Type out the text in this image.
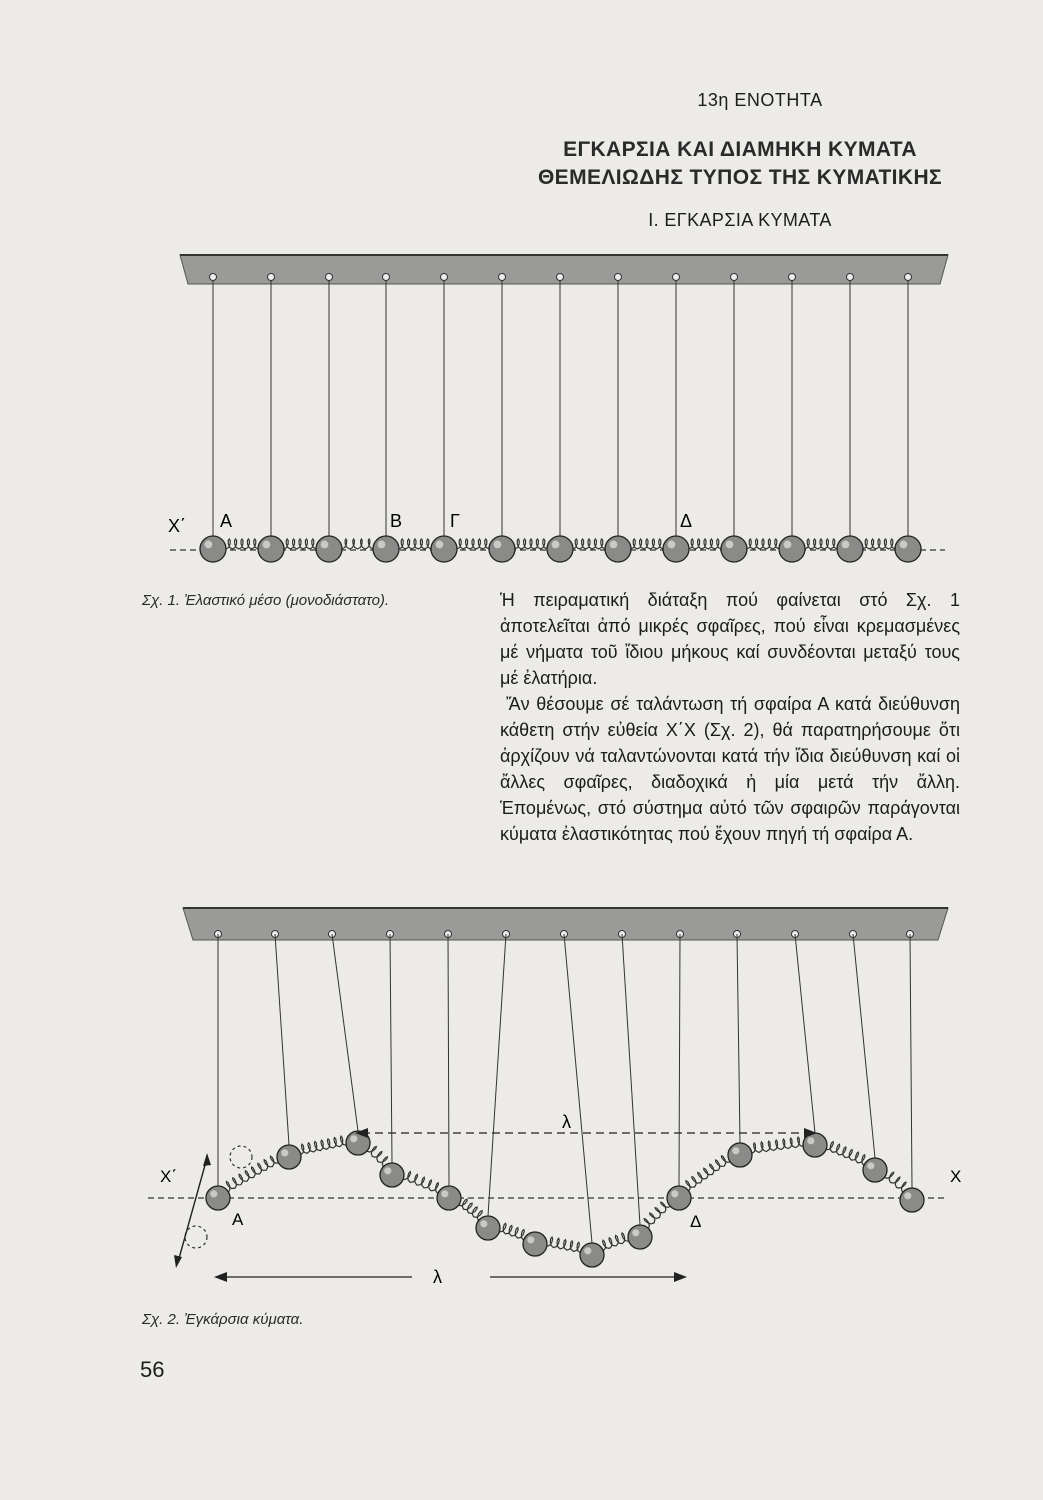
13η ΕΝΟΤΗΤΑ
ΕΓΚΑΡΣΙΑ ΚΑΙ ΔΙΑΜΗΚΗ ΚΥΜΑΤΑ
ΘΕΜΕΛΙΩΔΗΣ ΤΥΠΟΣ ΤΗΣ ΚΥΜΑΤΙΚΗΣ
I. ΕΓΚΑΡΣΙΑ ΚΥΜΑΤΑ
X΄ A	B	Γ	Δ
Σχ. 1. Ἐλαστικό μέσο (μονοδιάστατο).	Ἡ πειραματική διάταξη πού φαίνεται στό Σχ. 1 ἀποτελεῖται ἀπό μικρές σφαῖρες, πού εἶναι κρεμασμένες μέ νήματα τοῦ ἴδιου μήκους καί συνδέονται μεταξύ τους μέ ἐλατήρια.

Ἄν θέσουμε σέ ταλάντωση τή σφαίρα Α κατά διεύθυνση κάθετη στήν εὐθεία Χ΄Χ (Σχ. 2), θά παρατηρήσουμε ὅτι ἀρχίζουν νά ταλαντώνονται κατά τήν ἴδια διεύθυνση καί οἱ ἄλλες σφαῖρες, διαδοχικά ἡ μία μετά τήν ἄλλη. Ἑπομένως, στό σύστημα αὐτό τῶν σφαιρῶν παράγονται κύματα ἐλαστικότητας πού ἔχουν πηγή τή σφαίρα Α.

λ
λ
X΄	X
A	Δ
Σχ. 2. Ἐγκάρσια κύματα.
56
